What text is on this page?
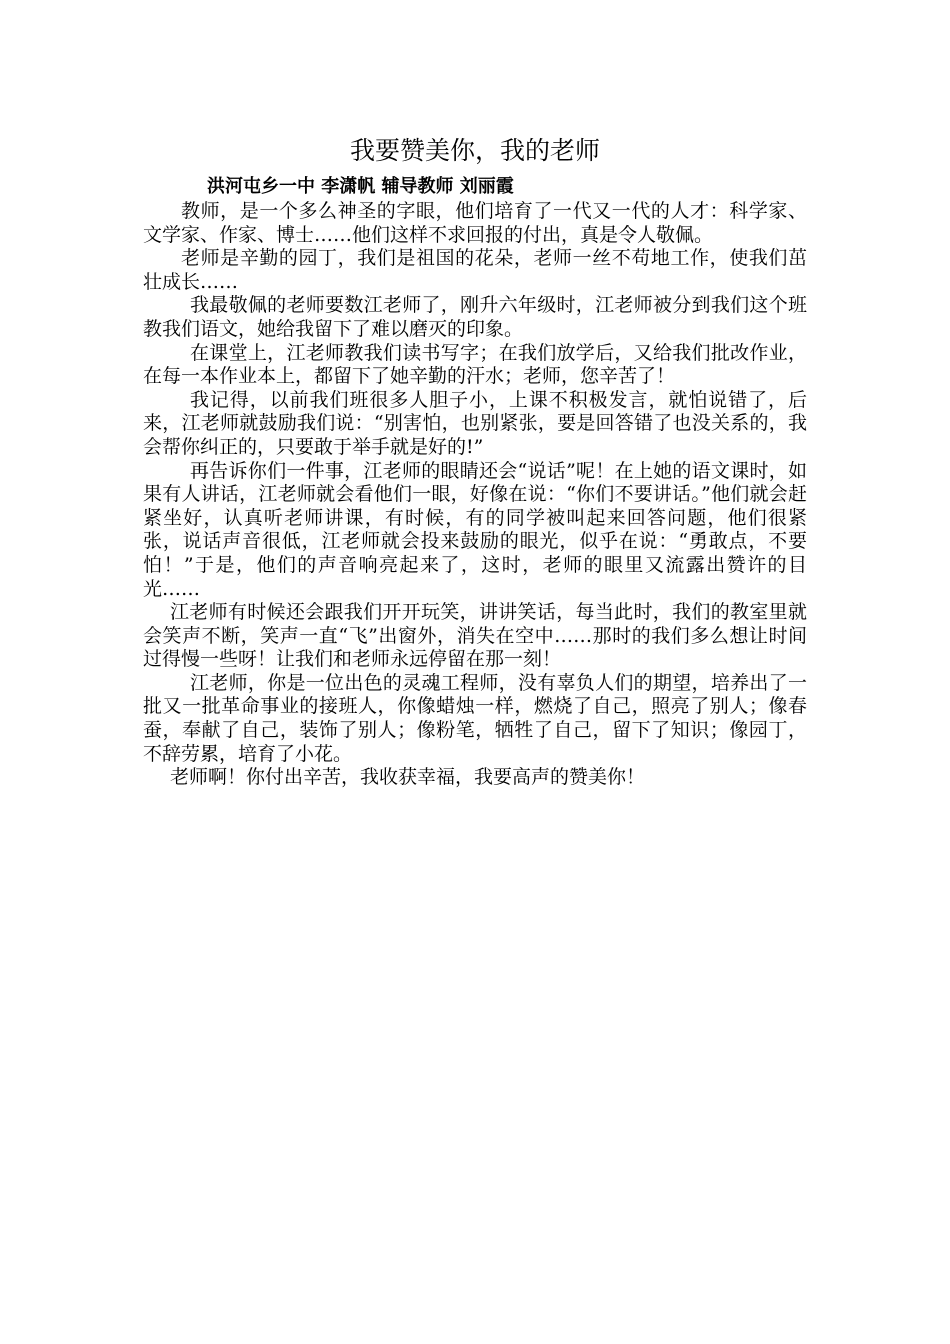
我要赞美你，我的老师
洪河屯乡一中 李潇帆 辅导教师 刘丽霞

教师，是一个多么神圣的字眼，他们培育了一代又一代的人才：科学家、文学家、作家、博士……他们这样不求回报的付出，真是令人敬佩。

老师是辛勤的园丁，我们是祖国的花朵，老师一丝不苟地工作，使我们茁壮成长……

我最敬佩的老师要数江老师了，刚升六年级时，江老师被分到我们这个班教我们语文，她给我留下了难以磨灭的印象。

在课堂上，江老师教我们读书写字；在我们放学后，又给我们批改作业，在每一本作业本上，都留下了她辛勤的汗水；老师，您辛苦了！

我记得，以前我们班很多人胆子小，上课不积极发言，就怕说错了，后来，江老师就鼓励我们说：“别害怕，也别紧张，要是回答错了也没关系的，我会帮你纠正的，只要敢于举手就是好的!”

再告诉你们一件事，江老师的眼睛还会“说话”呢！在上她的语文课时，如果有人讲话，江老师就会看他们一眼，好像在说：“你们不要讲话。”他们就会赶紧坐好，认真听老师讲课，有时候，有的同学被叫起来回答问题，他们很紧张，说话声音很低，江老师就会投来鼓励的眼光，似乎在说：“勇敢点，不要怕！”于是，他们的声音响亮起来了，这时，老师的眼里又流露出赞许的目光……

江老师有时候还会跟我们开开玩笑，讲讲笑话，每当此时，我们的教室里就会笑声不断，笑声一直“飞”出窗外，消失在空中……那时的我们多么想让时间过得慢一些呀！让我们和老师永远停留在那一刻！

江老师，你是一位出色的灵魂工程师，没有辜负人们的期望，培养出了一批又一批革命事业的接班人，你像蜡烛一样，燃烧了自己，照亮了别人；像春蚕，奉献了自己，装饰了别人；像粉笔，牺牲了自己，留下了知识；像园丁，不辞劳累，培育了小花。

老师啊！你付出辛苦，我收获幸福，我要高声的赞美你！
